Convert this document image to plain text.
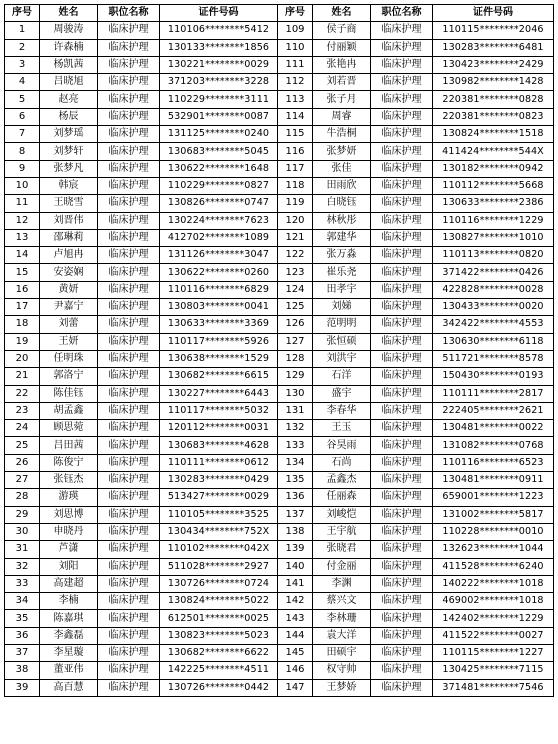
序号	姓名	职位名称	证件号码	序号	姓名	职位名称	证件号码
1	周骏涛	临床护理	110106********5412	109	侯子商	临床护理	110115********2046
2	许森楠	临床护理	130133********1856	110	付丽颖	临床护理	130283********6481
3	杨凯茜	临床护理	130221********0029	111	张艳冉	临床护理	130423********2429
4	吕晓旭	临床护理	371203********3228	112	刘若晋	临床护理	130982********1428
5	赵亮	临床护理	110229********3111	113	张子月	临床护理	220381********0828
6	杨辰	临床护理	532901********0087	114	周睿	临床护理	220381********0823
7	刘梦瑶	临床护理	131125********0240	115	牛浩桐	临床护理	130824********1518
8	刘梦轩	临床护理	130683********5045	116	张梦妍	临床护理	411424********544X
9	张梦凡	临床护理	130622********1648	117	张佳	临床护理	130182********0942
10	韩宸	临床护理	110229********0827	118	田雨欣	临床护理	110112********5668
11	王晓雪	临床护理	130826********0747	119	白晓钰	临床护理	130633********2386
12	刘晋伟	临床护理	130224********7623	120	林秋彤	临床护理	110116********1229
13	邵琳莉	临床护理	412702********1089	121	郭建华	临床护理	130827********1010
14	卢旭冉	临床护理	131126********3047	122	张万淼	临床护理	110113********0820
15	安姿娴	临床护理	130622********0260	123	崔乐尧	临床护理	371422********0426
16	黄妍	临床护理	110116********6829	124	田孝宇	临床护理	422828********0028
17	尹嘉宁	临床护理	130803********0041	125	刘娣	临床护理	130433********0020
18	刘蕾	临床护理	130633********3369	126	范明明	临床护理	342422********4553
19	王妍	临床护理	110117********5926	127	张恒硕	临床护理	130630********6118
20	任明珠	临床护理	130638********1529	128	刘洪宇	临床护理	511721********8578
21	郭洛宁	临床护理	130682********6615	129	石洋	临床护理	150430********0193
22	陈佳钰	临床护理	130227********6443	130	盛宇	临床护理	110111********2817
23	胡孟鑫	临床护理	110117********5032	131	李春华	临床护理	222405********2621
24	顾思菀	临床护理	120112********0031	132	王玉	临床护理	130481********0022
25	吕田茜	临床护理	130683********4628	133	谷昊雨	临床护理	131082********0768
26	陈俊宁	临床护理	110111********0612	134	石尚	临床护理	110116********6523
27	张钰杰	临床护理	130283********0429	135	孟鑫杰	临床护理	130481********0911
28	游瑛	临床护理	513427********0029	136	任丽森	临床护理	659001********1223
29	刘思博	临床护理	110105********3525	137	刘峻恺	临床护理	131002********5817
30	申晓丹	临床护理	130434********752X	138	王宇航	临床护理	110228********0010
31	芦潇	临床护理	110102********042X	139	张晓君	临床护理	132623********1044
32	刘阳	临床护理	511028********2927	140	付金丽	临床护理	411528********6240
33	高建超	临床护理	130726********0724	141	李渊	临床护理	140222********1018
34	李楠	临床护理	130824********5022	142	蔡兴文	临床护理	469002********1018
35	陈嘉琪	临床护理	612501********0025	143	李林珊	临床护理	142402********1229
36	李鑫磊	临床护理	130823********5023	144	袁大洋	临床护理	411522********0027
37	李星璇	临床护理	130682********6622	145	田硕宇	临床护理	110115********1227
38	董亚伟	临床护理	142225********4511	146	权守帅	临床护理	130425********7115
39	高百慧	临床护理	130726********0442	147	王梦娇	临床护理	371481********7546
